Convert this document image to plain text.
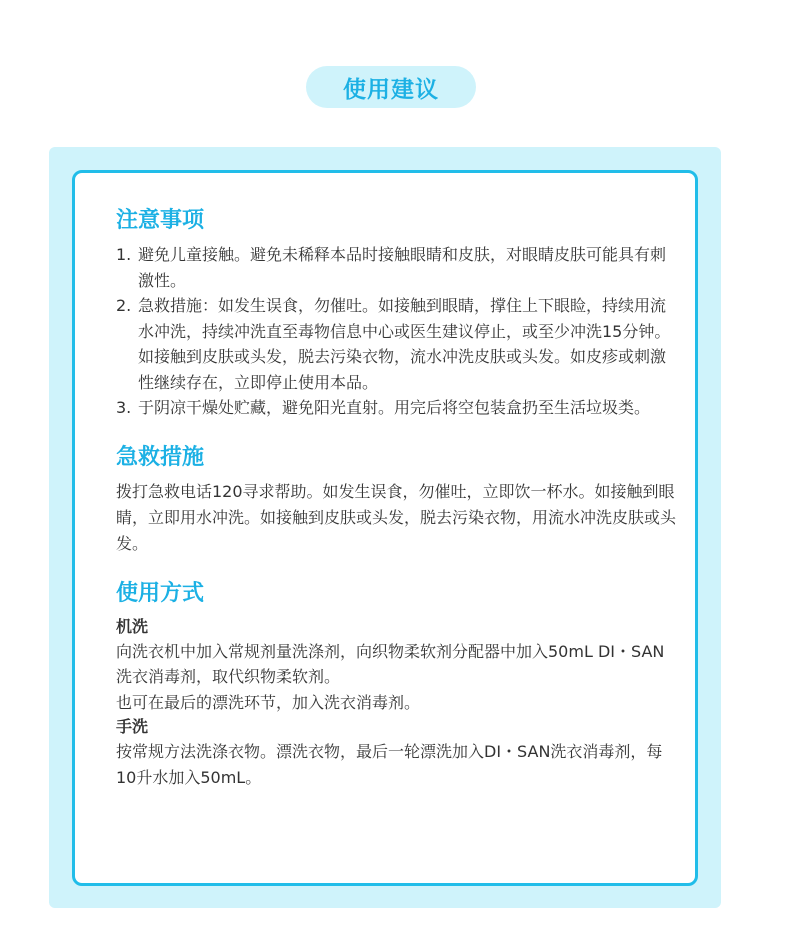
使用建议
注意事项
1. 避免儿童接触。避免未稀释本品时接触眼睛和皮肤，对眼睛皮肤可能具有刺激性。
2. 急救措施：如发生误食，勿催吐。如接触到眼睛，撑住上下眼睑，持续用流水冲洗，持续冲洗直至毒物信息中心或医生建议停止，或至少冲洗15分钟。如接触到皮肤或头发，脱去污染衣物，流水冲洗皮肤或头发。如皮疹或刺激性继续存在，立即停止使用本品。
3. 于阴凉干燥处贮藏，避免阳光直射。用完后将空包装盒扔至生活垃圾类。
急救措施

拨打急救电话120寻求帮助。如发生误食，勿催吐，立即饮一杯水。如接触到眼睛，立即用水冲洗。如接触到皮肤或头发，脱去污染衣物，用流水冲洗皮肤或头发。

使用方式
机洗

向洗衣机中加入常规剂量洗涤剂，向织物柔软剂分配器中加入50mL DI・SAN洗衣消毒剂，取代织物柔软剂。

也可在最后的漂洗环节，加入洗衣消毒剂。

手洗

按常规方法洗涤衣物。漂洗衣物，最后一轮漂洗加入DI・SAN洗衣消毒剂，每10升水加入50mL。
